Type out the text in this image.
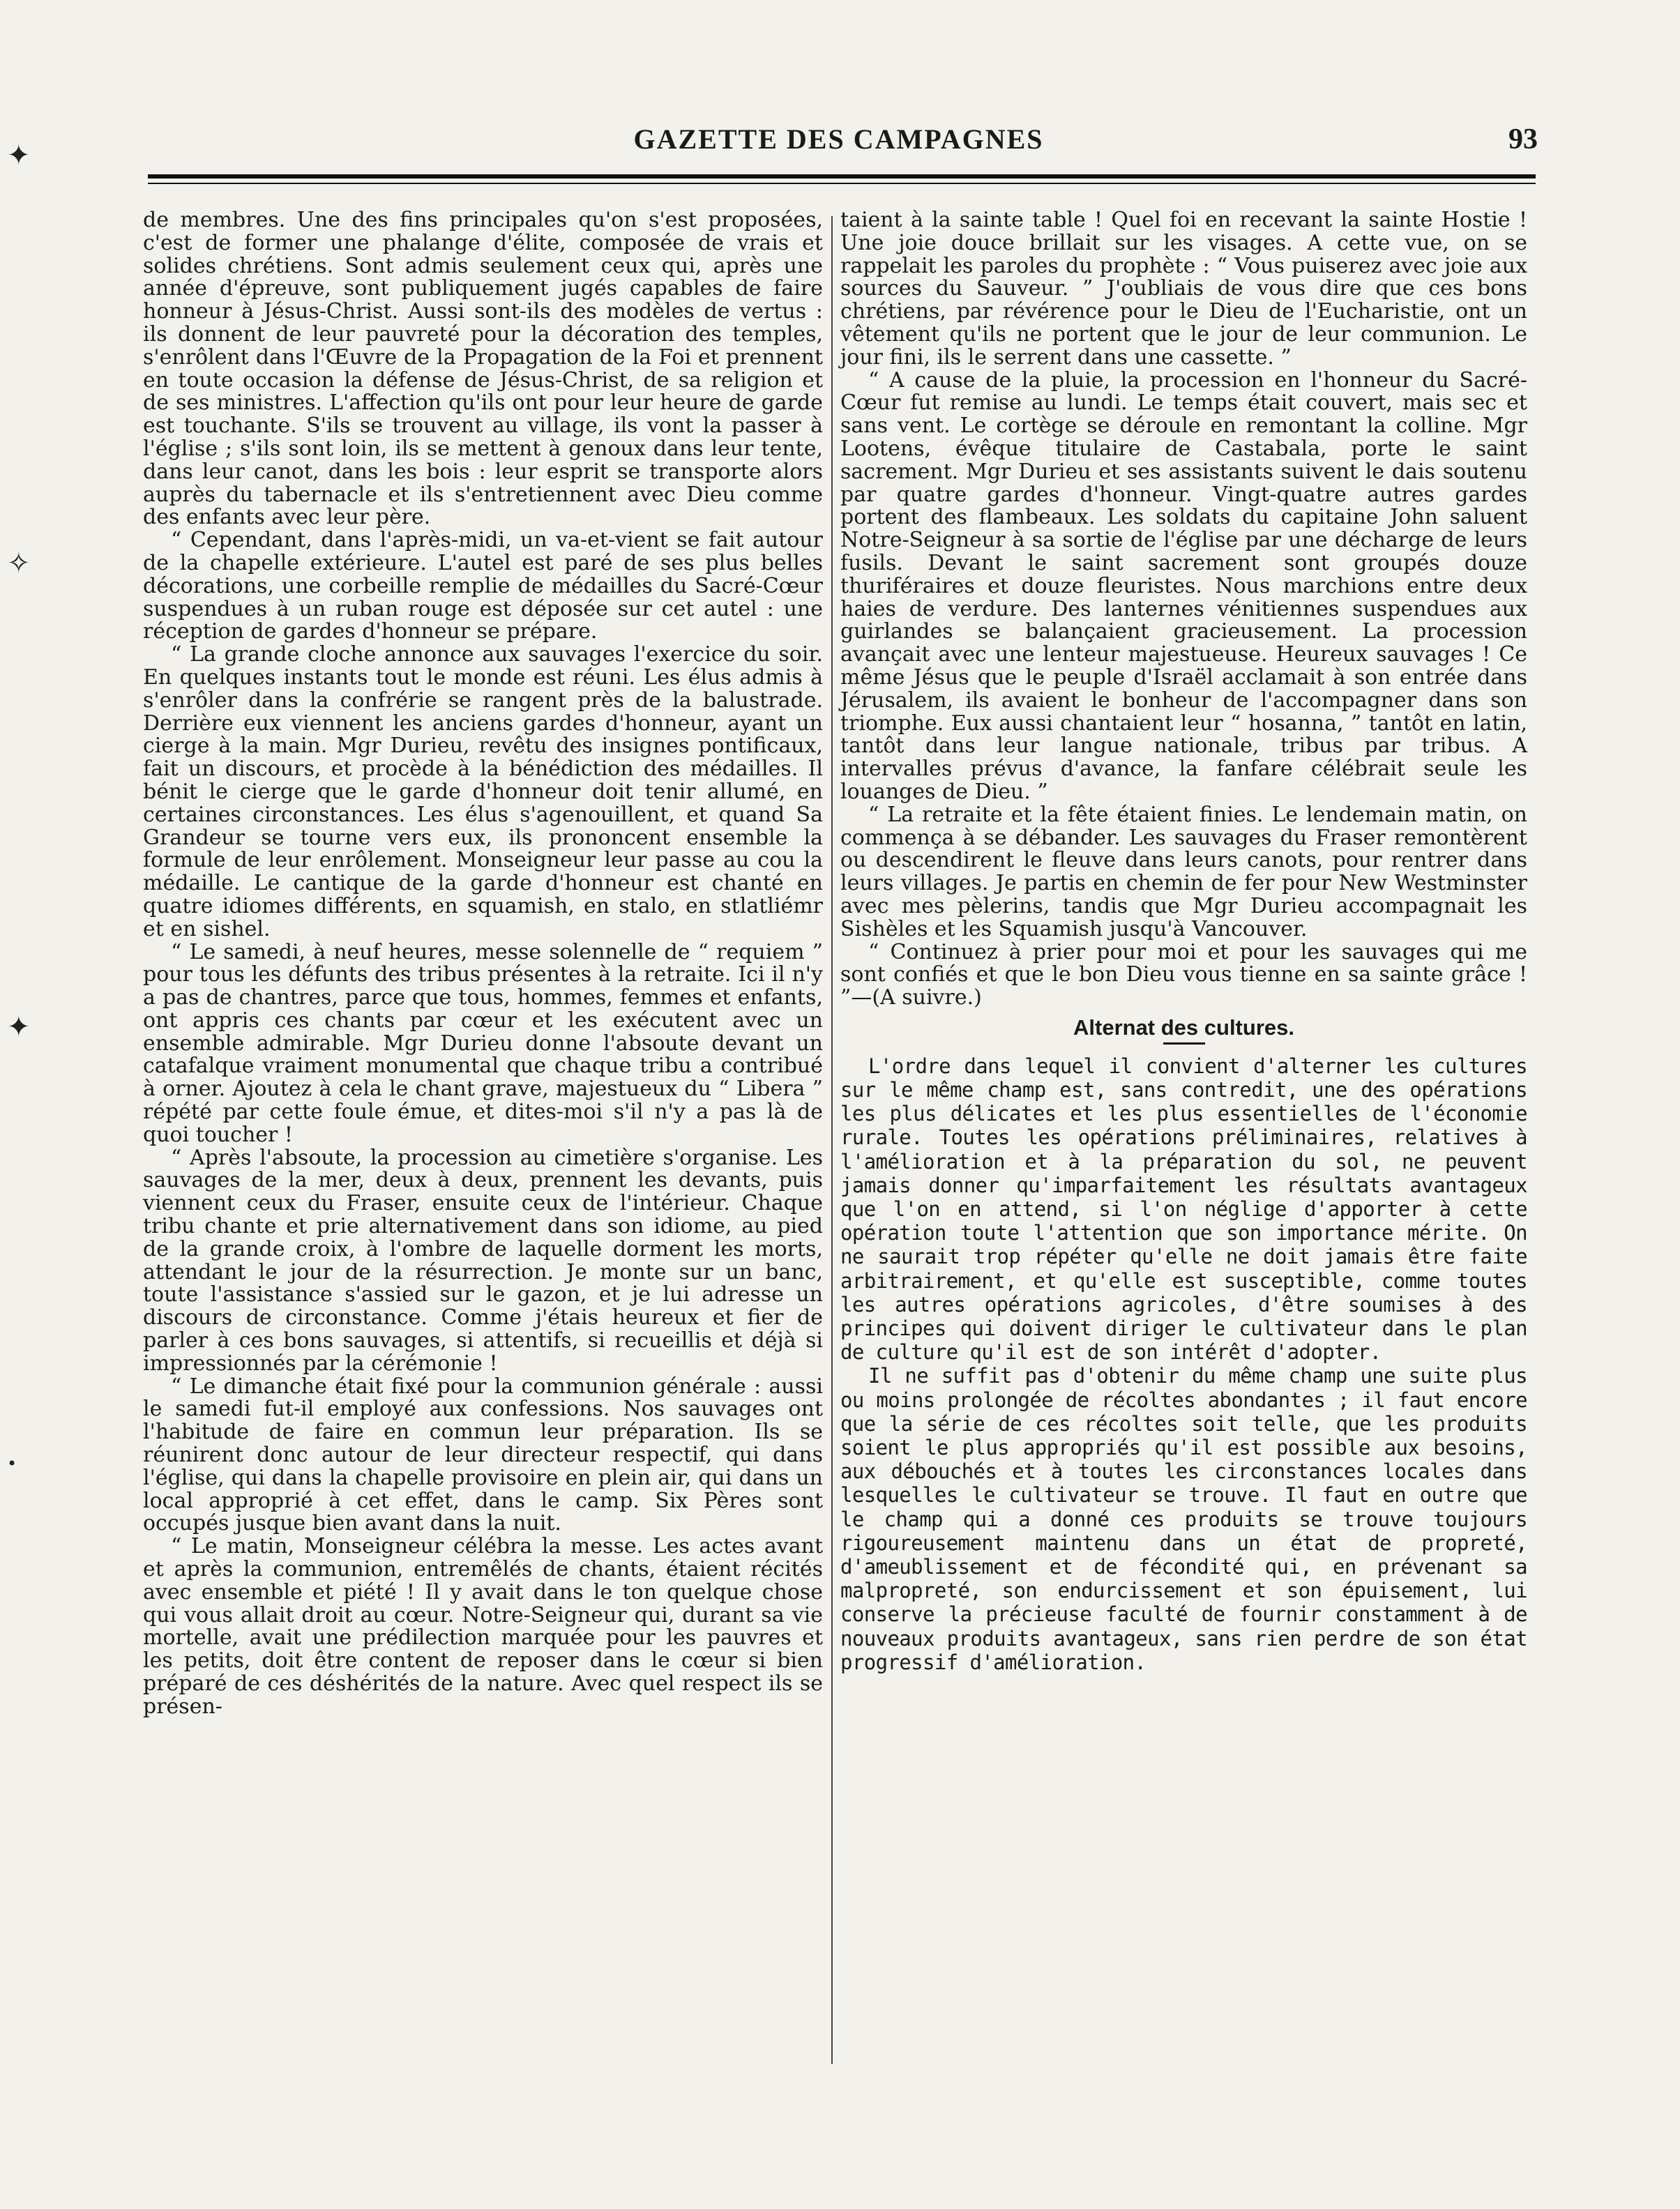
GAZETTE DES CAMPAGNES	93
✦
✧
✦
•

de membres. Une des fins principales qu'on s'est proposées, c'est de former une phalange d'élite, composée de vrais et solides chrétiens. Sont admis seulement ceux qui, après une année d'épreuve, sont publiquement jugés capables de faire honneur à Jésus-Christ. Aussi sont-ils des modèles de vertus : ils donnent de leur pauvreté pour la décoration des temples, s'enrôlent dans l'Œuvre de la Propagation de la Foi et prennent en toute occasion la défense de Jésus-Christ, de sa religion et de ses ministres. L'affection qu'ils ont pour leur heure de garde est touchante. S'ils se trouvent au village, ils vont la passer à l'église ; s'ils sont loin, ils se mettent à genoux dans leur tente, dans leur canot, dans les bois : leur esprit se transporte alors auprès du tabernacle et ils s'entretiennent avec Dieu comme des enfants avec leur père.

“ Cependant, dans l'après-midi, un va-et-vient se fait autour de la chapelle extérieure. L'autel est paré de ses plus belles décorations, une corbeille remplie de médailles du Sacré-Cœur suspendues à un ruban rouge est déposée sur cet autel : une réception de gardes d'honneur se prépare.

“ La grande cloche annonce aux sauvages l'exercice du soir. En quelques instants tout le monde est réuni. Les élus admis à s'enrôler dans la confrérie se rangent près de la balustrade. Derrière eux viennent les anciens gardes d'honneur, ayant un cierge à la main. Mgr Durieu, revêtu des insignes pontificaux, fait un discours, et procède à la bénédiction des médailles. Il bénit le cierge que le garde d'honneur doit tenir allumé, en certaines circonstances. Les élus s'agenouillent, et quand Sa Grandeur se tourne vers eux, ils prononcent ensemble la formule de leur enrôlement. Monseigneur leur passe au cou la médaille. Le cantique de la garde d'honneur est chanté en quatre idiomes différents, en squamish, en stalo, en stlatliémr et en sishel.

“ Le samedi, à neuf heures, messe solennelle de “ requiem ” pour tous les défunts des tribus présentes à la retraite. Ici il n'y a pas de chantres, parce que tous, hommes, femmes et enfants, ont appris ces chants par cœur et les exécutent avec un ensemble admirable. Mgr Durieu donne l'absoute devant un catafalque vraiment monumental que chaque tribu a contribué à orner. Ajoutez à cela le chant grave, majestueux du “ Libera ” répété par cette foule émue, et dites-moi s'il n'y a pas là de quoi toucher !

“ Après l'absoute, la procession au cimetière s'organise. Les sauvages de la mer, deux à deux, prennent les devants, puis viennent ceux du Fraser, ensuite ceux de l'intérieur. Chaque tribu chante et prie alternativement dans son idiome, au pied de la grande croix, à l'ombre de laquelle dorment les morts, attendant le jour de la résurrection. Je monte sur un banc, toute l'assistance s'assied sur le gazon, et je lui adresse un discours de circonstance. Comme j'étais heureux et fier de parler à ces bons sauvages, si attentifs, si recueillis et déjà si impressionnés par la cérémonie !

“ Le dimanche était fixé pour la communion générale : aussi le samedi fut-il employé aux confessions. Nos sauvages ont l'habitude de faire en commun leur préparation. Ils se réunirent donc autour de leur directeur respectif, qui dans l'église, qui dans la chapelle provisoire en plein air, qui dans un local approprié à cet effet, dans le camp. Six Pères sont occupés jusque bien avant dans la nuit.

“ Le matin, Monseigneur célébra la messe. Les actes avant et après la communion, entremêlés de chants, étaient récités avec ensemble et piété ! Il y avait dans le ton quelque chose qui vous allait droit au cœur. Notre-Seigneur qui, durant sa vie mortelle, avait une prédilection marquée pour les pauvres et les petits, doit être content de reposer dans le cœur si bien préparé de ces déshérités de la nature. Avec quel respect ils se présen-

taient à la sainte table ! Quel foi en recevant la sainte Hostie ! Une joie douce brillait sur les visages. A cette vue, on se rappelait les paroles du prophète : “ Vous puiserez avec joie aux sources du Sauveur. ” J'oubliais de vous dire que ces bons chrétiens, par révérence pour le Dieu de l'Eucharistie, ont un vêtement qu'ils ne portent que le jour de leur communion. Le jour fini, ils le serrent dans une cassette. ”

“ A cause de la pluie, la procession en l'honneur du Sacré-Cœur fut remise au lundi. Le temps était couvert, mais sec et sans vent. Le cortège se déroule en remontant la colline. Mgr Lootens, évêque titulaire de Castabala, porte le saint sacrement. Mgr Durieu et ses assistants suivent le dais soutenu par quatre gardes d'honneur. Vingt-quatre autres gardes portent des flambeaux. Les soldats du capitaine John saluent Notre-Seigneur à sa sortie de l'église par une décharge de leurs fusils. Devant le saint sacrement sont groupés douze thuriféraires et douze fleuristes. Nous marchions entre deux haies de verdure. Des lanternes vénitiennes suspendues aux guirlandes se balançaient gracieusement. La procession avançait avec une lenteur majestueuse. Heureux sauvages ! Ce même Jésus que le peuple d'Israël acclamait à son entrée dans Jérusalem, ils avaient le bonheur de l'accompagner dans son triomphe. Eux aussi chantaient leur “ hosanna, ” tantôt en latin, tantôt dans leur langue nationale, tribus par tribus. A intervalles prévus d'avance, la fanfare célébrait seule les louanges de Dieu. ”

“ La retraite et la fête étaient finies. Le lendemain matin, on commença à se débander. Les sauvages du Fraser remontèrent ou descendirent le fleuve dans leurs canots, pour rentrer dans leurs villages. Je partis en chemin de fer pour New Westminster avec mes pèlerins, tandis que Mgr Durieu accompagnait les Sishèles et les Squamish jusqu'à Vancouver.

“ Continuez à prier pour moi et pour les sauvages qui me sont confiés et que le bon Dieu vous tienne en sa sainte grâce ! ”—(A suivre.)

Alternat des cultures.

L'ordre dans lequel il convient d'alterner les cultures sur le même champ est, sans contredit, une des opérations les plus délicates et les plus essentielles de l'économie rurale. Toutes les opérations préliminaires, relatives à l'amélioration et à la préparation du sol, ne peuvent jamais donner qu'imparfaitement les résultats avantageux que l'on en attend, si l'on néglige d'apporter à cette opération toute l'attention que son importance mérite. On ne saurait trop répéter qu'elle ne doit jamais être faite arbitrairement, et qu'elle est susceptible, comme toutes les autres opérations agricoles, d'être soumises à des principes qui doivent diriger le cultivateur dans le plan de culture qu'il est de son intérêt d'adopter.

Il ne suffit pas d'obtenir du même champ une suite plus ou moins prolongée de récoltes abondantes ; il faut encore que la série de ces récoltes soit telle, que les produits soient le plus appropriés qu'il est possible aux besoins, aux débouchés et à toutes les circonstances locales dans lesquelles le cultivateur se trouve. Il faut en outre que le champ qui a donné ces produits se trouve toujours rigoureusement maintenu dans un état de propreté, d'ameublissement et de fécondité qui, en prévenant sa malpropreté, son endurcissement et son épuisement, lui conserve la précieuse faculté de fournir constamment à de nouveaux produits avantageux, sans rien perdre de son état progressif d'amélioration.
